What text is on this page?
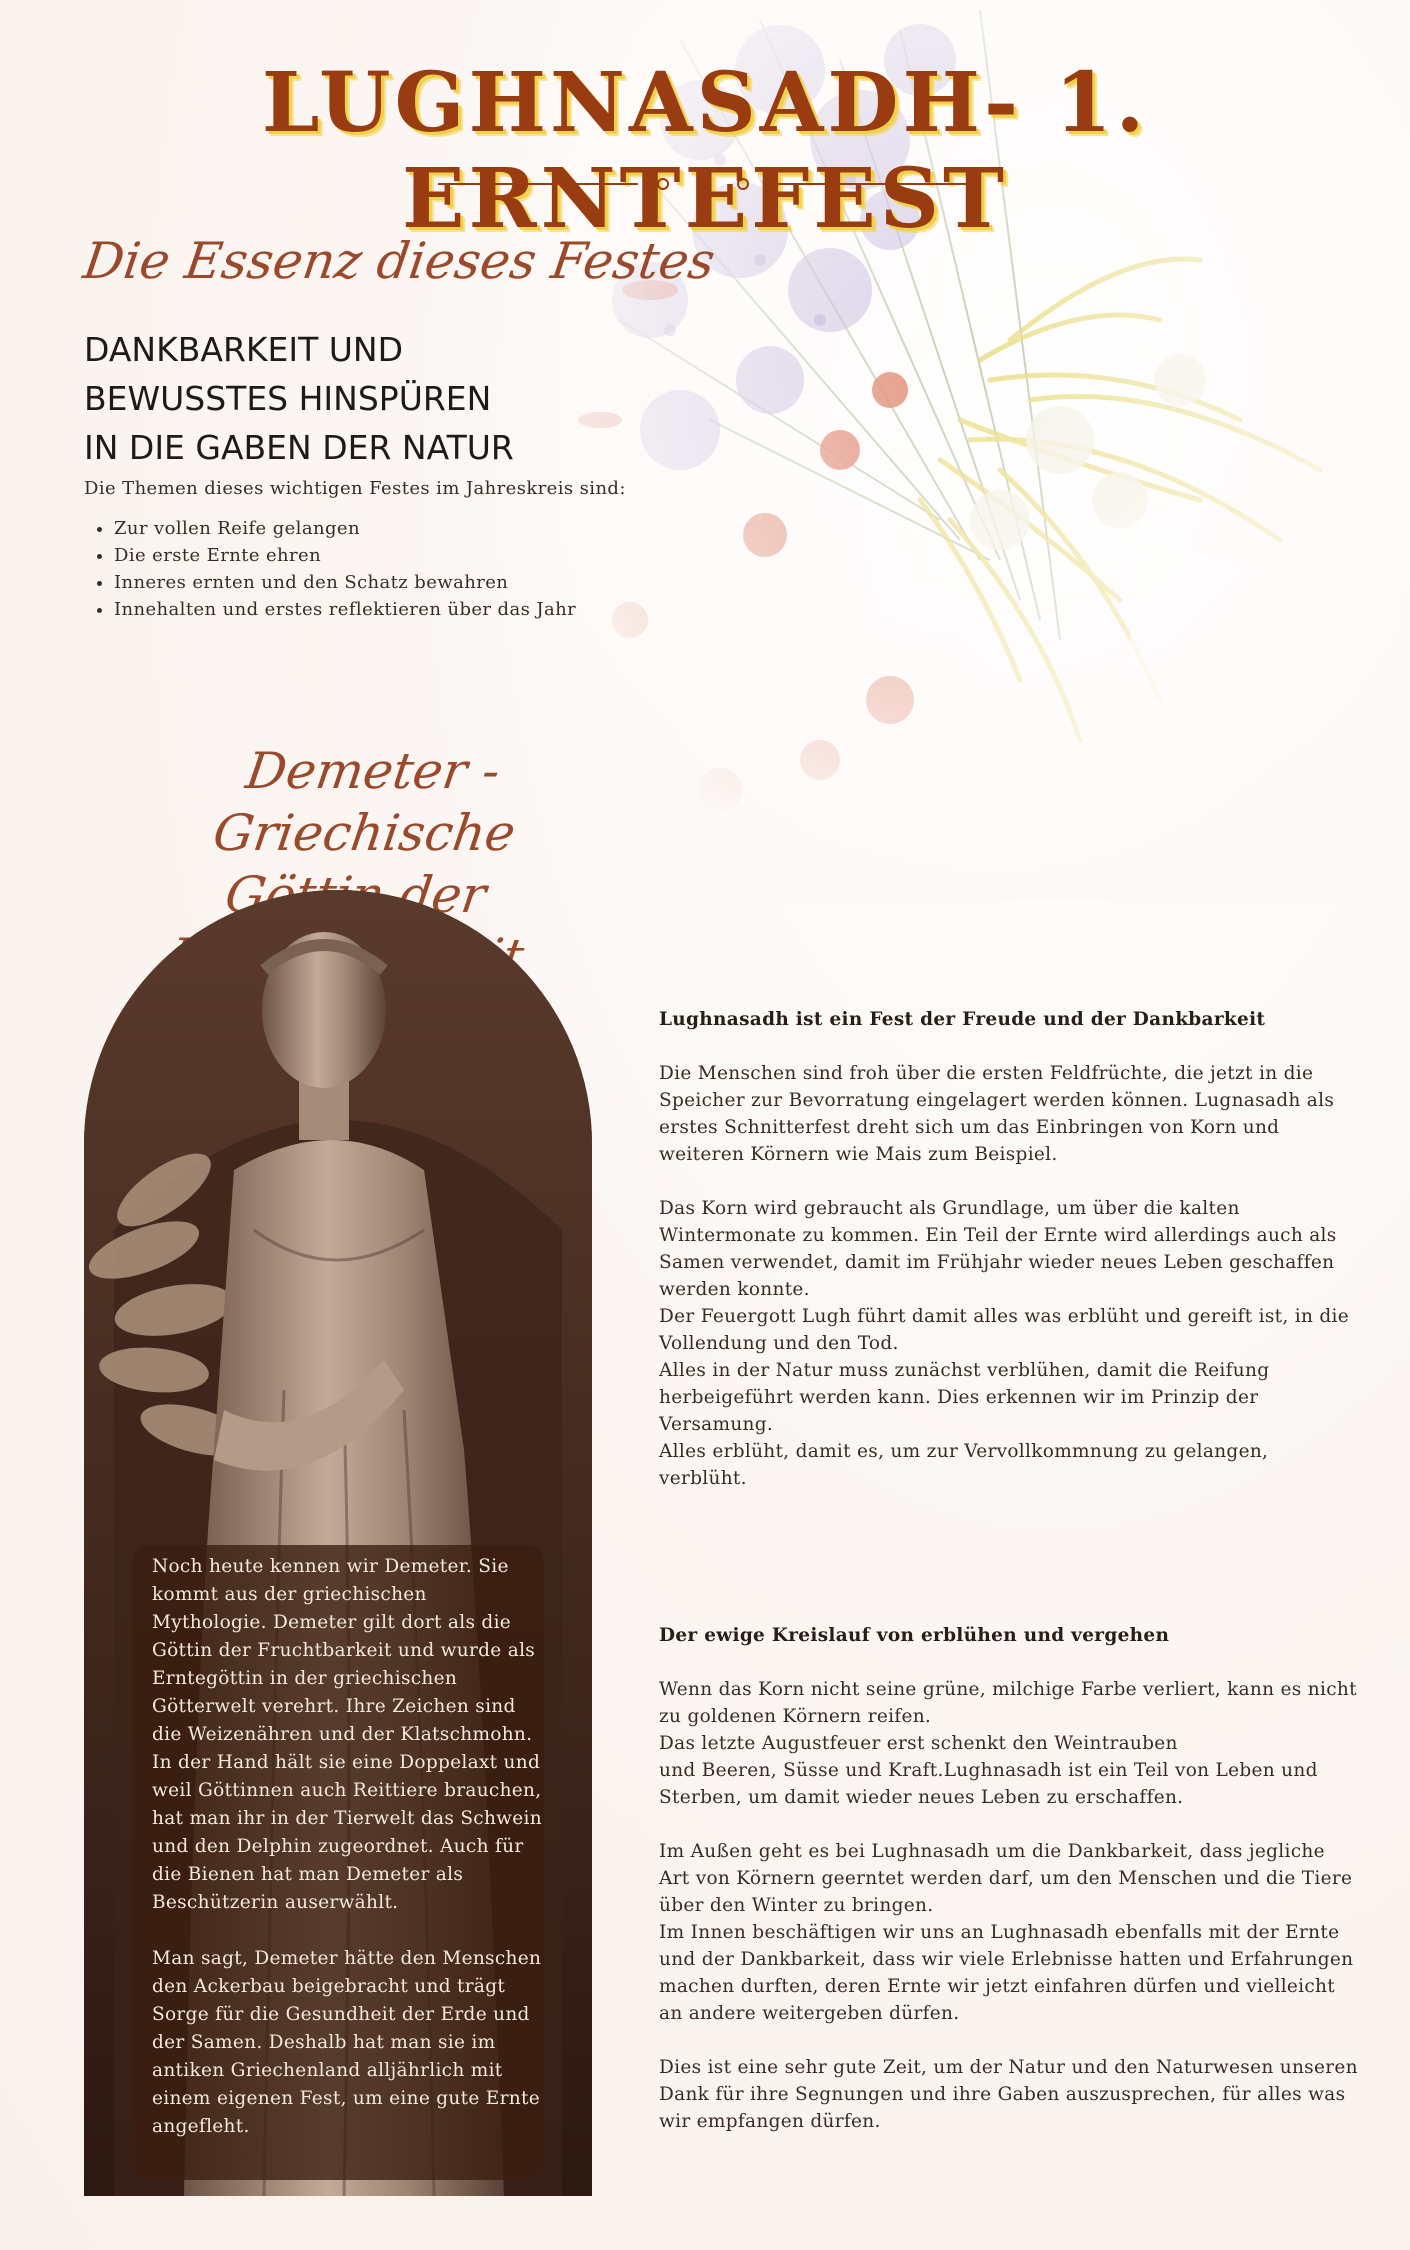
LUGHNASADH- 1. ERNTEFEST
Die Essenz dieses Festes
DANKBARKEIT UND
BEWUSSTES HINSPÜREN
IN DIE GABEN DER NATUR

Die Themen dieses wichtigen Festes im Jahreskreis sind:

• Zur vollen Reife gelangen
• Die erste Ernte ehren
• Inneres ernten und den Schatz bewahren
• Innehalten und erstes reflektieren über das Jahr
Demeter - Griechische

Noch heute kennen wir Demeter. Sie kommt aus der griechischen Mythologie. Demeter gilt dort als die Göttin der Fruchtbarkeit und wurde als Erntegöttin in der griechischen Götterwelt verehrt. Ihre Zeichen sind die Weizenähren und der Klatschmohn. In der Hand hält sie eine Doppelaxt und weil Göttinnen auch Reittiere brauchen, hat man ihr in der Tierwelt das Schwein und den Delphin zugeordnet. Auch für die Bienen hat man Demeter als Beschützerin auserwählt.

Man sagt, Demeter hätte den Menschen den Ackerbau beigebracht und trägt Sorge für die Gesundheit der Erde und der Samen. Deshalb hat man sie im antiken Griechenland alljährlich mit einem eigenen Fest, um eine gute Ernte angefleht.

Lughnasadh ist ein Fest der Freude und der Dankbarkeit

Die Menschen sind froh über die ersten Feldfrüchte, die jetzt in die Speicher zur Bevorratung eingelagert werden können. Lugnasadh als erstes Schnitterfest dreht sich um das Einbringen von Korn und weiteren Körnern wie Mais zum Beispiel.

Das Korn wird gebraucht als Grundlage, um über die kalten Wintermonate zu kommen. Ein Teil der Ernte wird allerdings auch als Samen verwendet, damit im Frühjahr wieder neues Leben geschaffen werden konnte.
Der Feuergott Lugh führt damit alles was erblüht und gereift ist, in die Vollendung und den Tod.
Alles in der Natur muss zunächst verblühen, damit die Reifung herbeigeführt werden kann. Dies erkennen wir im Prinzip der Versamung.
Alles erblüht, damit es, um zur Vervollkommnung zu gelangen, verblüht.

Der ewige Kreislauf von erblühen und vergehen

Wenn das Korn nicht seine grüne, milchige Farbe verliert, kann es nicht zu goldenen Körnern reifen.
Das letzte Augustfeuer erst schenkt den Weintrauben
und Beeren, Süsse und Kraft.Lughnasadh ist ein Teil von Leben und Sterben, um damit wieder neues Leben zu erschaffen.

Im Außen geht es bei Lughnasadh um die Dankbarkeit, dass jegliche Art von Körnern geerntet werden darf, um den Menschen und die Tiere über den Winter zu bringen.
Im Innen beschäftigen wir uns an Lughnasadh ebenfalls mit der Ernte und der Dankbarkeit, dass wir viele Erlebnisse hatten und Erfahrungen machen durften, deren Ernte wir jetzt einfahren dürfen und vielleicht an andere weitergeben dürfen.

Dies ist eine sehr gute Zeit, um der Natur und den Naturwesen unseren Dank für ihre Segnungen und ihre Gaben auszusprechen, für alles was wir empfangen dürfen.
